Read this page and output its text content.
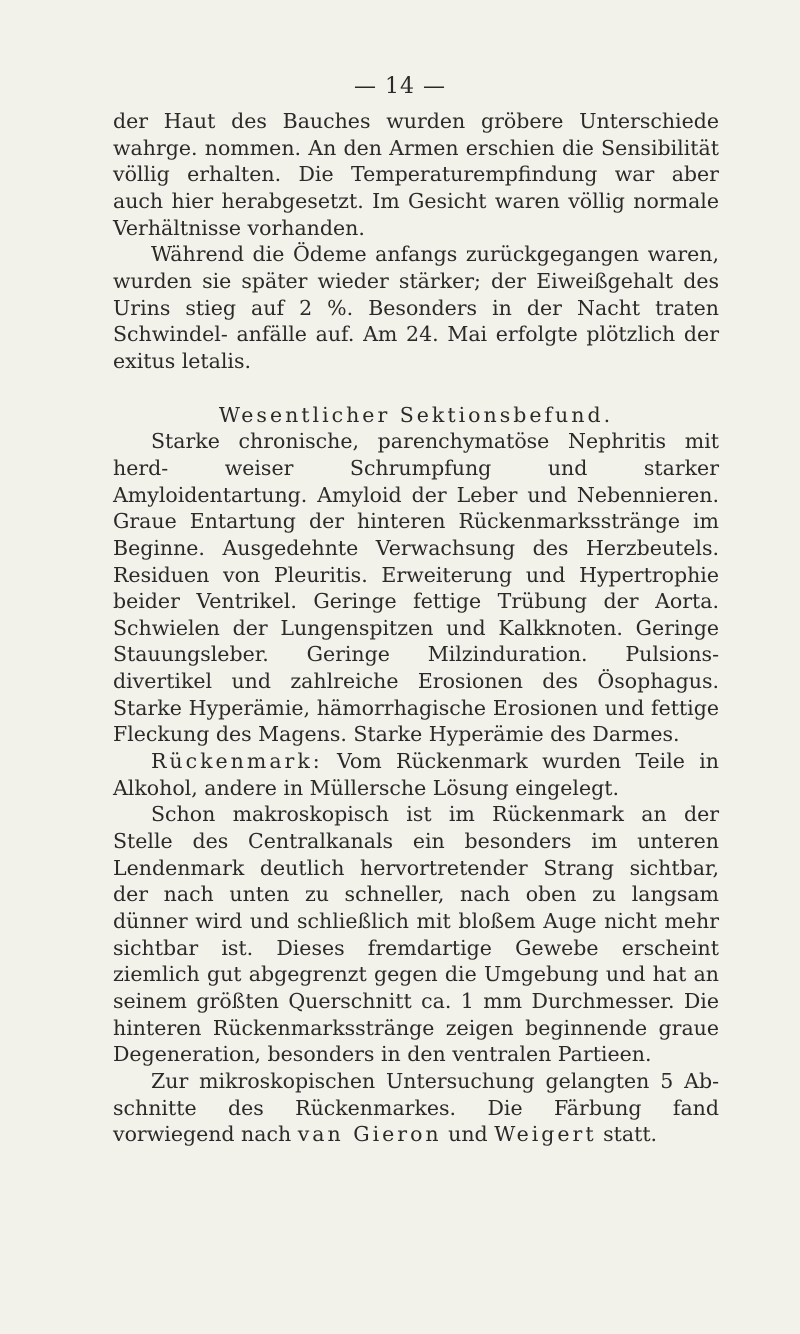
— 14 —

der Haut des Bauches wurden gröbere Unterschiede wahrge. nommen. An den Armen erschien die Sensibilität völlig erhalten. Die Temperaturempfindung war aber auch hier herabgesetzt. Im Gesicht waren völlig normale Verhältnisse vorhanden.

Während die Ödeme anfangs zurückgegangen waren, wurden sie später wieder stärker; der Eiweißgehalt des Urins stieg auf 2 %. Besonders in der Nacht traten Schwindel- anfälle auf. Am 24. Mai erfolgte plötzlich der exitus letalis.

Wesentlicher Sektionsbefund.

Starke chronische, parenchymatöse Nephritis mit herd- weiser Schrumpfung und starker Amyloidentartung. Amyloid der Leber und Nebennieren. Graue Entartung der hinteren Rückenmarksstränge im Beginne. Ausgedehnte Verwachsung des Herzbeutels. Residuen von Pleuritis. Erweiterung und Hypertrophie beider Ventrikel. Geringe fettige Trübung der Aorta. Schwielen der Lungenspitzen und Kalkknoten. Geringe Stauungsleber. Geringe Milzinduration. Pulsions- divertikel und zahlreiche Erosionen des Ösophagus. Starke Hyperämie, hämorrhagische Erosionen und fettige Fleckung des Magens. Starke Hyperämie des Darmes.

Rückenmark: Vom Rückenmark wurden Teile in Alkohol, andere in Müllersche Lösung eingelegt.

Schon makroskopisch ist im Rückenmark an der Stelle des Centralkanals ein besonders im unteren Lendenmark deutlich hervortretender Strang sichtbar, der nach unten zu schneller, nach oben zu langsam dünner wird und schließlich mit bloßem Auge nicht mehr sichtbar ist. Dieses fremdartige Gewebe erscheint ziemlich gut abgegrenzt gegen die Umgebung und hat an seinem größten Querschnitt ca. 1 mm Durchmesser. Die hinteren Rückenmarksstränge zeigen beginnende graue Degeneration, besonders in den ventralen Partieen.

Zur mikroskopischen Untersuchung gelangten 5 Ab- schnitte des Rückenmarkes. Die Färbung fand vorwiegend nach van Gieron und Weigert statt.
